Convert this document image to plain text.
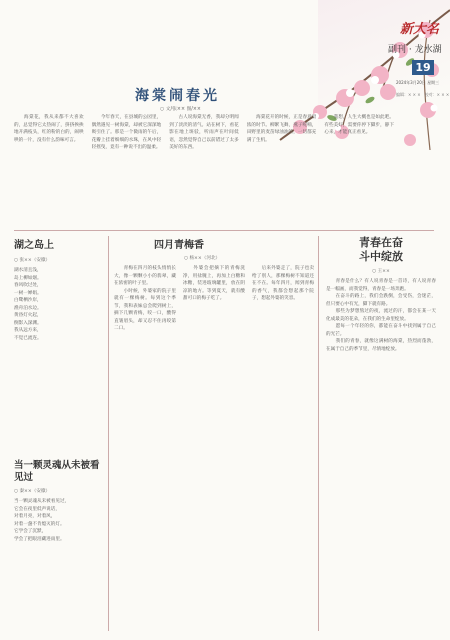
新大名
副刊 · 龙水湖
19
2024年3月20日 星期三
编辑：× × ×　校对：× × ×
海棠闹春光
○ 文/张×× 图/××

　　海棠花，我从来都不大喜欢的，总觉得它太热闹了，挤挤挨挨地开满枝头，红的粉的白的，闹哄哄的一片，没有什么韵味可言。

　　今年春天，在县城的公园里，偶然遇见一树海棠，却被它深深地吸引住了。那是一个微雨的午后，花瓣上挂着细细的水珠，在风中轻轻摇曳，竟有一种说不出的温柔。

　　古人说海棠无香，我却分明闻到了淡淡的清气。站在树下，看花影在地上斑驳，听雨声在叶间低语，忽然觉得自己以前错过了太多美好的东西。

　　海棠花开的时候，正是春意最浓的时节。柳絮飞舞，燕子呢喃，田野里的麦苗绿油油的，一切都充满了生机。

　　我想，人生大概也是如此吧。有些美好，需要你停下脚步，静下心来，才能真正看见。

湖之岛上
○ 张××（安徽）
湖水清且浅，
岛上柳如烟。
春风吹过处，
一树一婵娟。
白鹭栖沙岸，
渔舟泊水边。
黄昏灯火起，
倒影入深渊。
我从远方来，
不觉已流连。
四月青梅香
○ 杨××（河北）

　　青梅在四月的枝头悄悄长大，像一颗颗小小的翡翠，藏在浓密的叶子里。

　　小时候，外婆家的院子里就有一棵梅树。每到这个季节，我和表妹总会爬到树上，摘下几颗青梅，咬一口，酸得直皱眉头，却又忍不住再咬第二口。

　　外婆会把摘下的青梅洗净，用盐腌上，再加上白糖和冰糖，装进玻璃罐里，放在阴凉的地方。等到夏天，就有酸甜可口的梅子吃了。

　　后来外婆走了，院子也卖给了别人，那棵梅树不知道还在不在。每年四月，闻到青梅的香气，我都会想起那个院子，想起外婆的笑容。

青春在奋斗中绽放
○ 王××

　　青春是什么？有人说青春是一首诗，有人说青春是一幅画，而我觉得，青春是一场奔跑。

　　在奋斗的路上，我们会跌倒，会受伤，会迷茫，但只要心中有光，脚下就有路。

　　那些为梦想熬过的夜，流过的汗，都会在某一天化成最美的花朵，在我们的生命里绽放。

　　愿每一个年轻的你，都能在奋斗中找到属于自己的光芒。

　　我们的青春，就像这满树的海棠，热烈而蓬勃，在属于自己的季节里，尽情地绽放。

当一颗灵魂从未被看见过
○ 秦××（安徽）
当一颗灵魂从未被看见过，
它会在夜里低声说话，
对着月亮，对着风，
对着一盏不肯熄灭的灯。
它学会了沉默，
学会了把眼泪藏进雨里。
